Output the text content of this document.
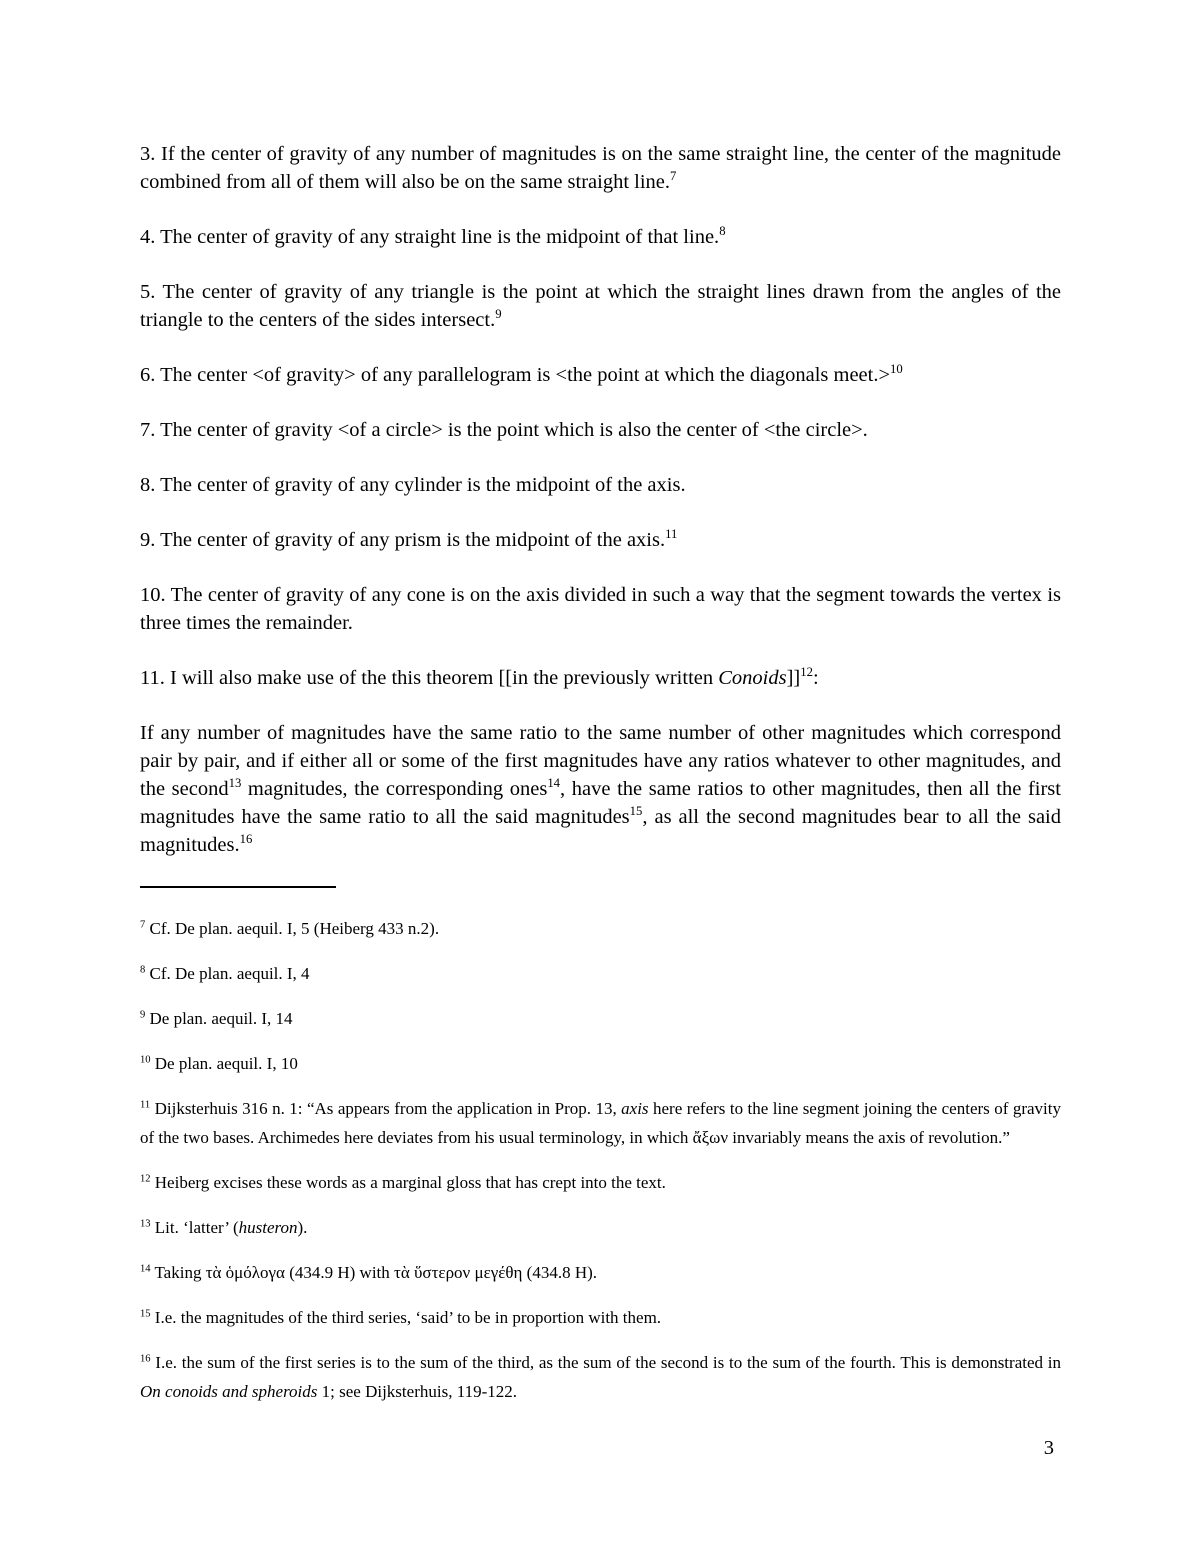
3. If the center of gravity of any number of magnitudes is on the same straight line, the center of the magnitude combined from all of them will also be on the same straight line.$^7$

4. The center of gravity of any straight line is the midpoint of that line.$^8$

5. The center of gravity of any triangle is the point at which the straight lines drawn from the angles of the triangle to the centers of the sides intersect.$^9$

6. The center <of gravity> of any parallelogram is <the point at which the diagonals meet.>$^{10}$

7. The center of gravity <of a circle> is the point which is also the center of <the circle>.

8. The center of gravity of any cylinder is the midpoint of the axis.

9. The center of gravity of any prism is the midpoint of the axis.$^{11}$

10. The center of gravity of any cone is on the axis divided in such a way that the segment towards the vertex is three times the remainder.

11. I will also make use of the this theorem [[in the previously written Conoids]]$^{12}$:

If any number of magnitudes have the same ratio to the same number of other magnitudes which correspond pair by pair, and if either all or some of the first magnitudes have any ratios whatever to other magnitudes, and the second$^{13}$ magnitudes, the corresponding ones$^{14}$, have the same ratios to other magnitudes, then all the first magnitudes have the same ratio to all the said magnitudes$^{15}$, as all the second magnitudes bear to all the said magnitudes.$^{16}$

$^7$ Cf. De plan. aequil. I, 5 (Heiberg 433 n.2).

$^8$ Cf. De plan. aequil. I, 4

$^9$ De plan. aequil. I, 14

$^{10}$ De plan. aequil. I, 10

$^{11}$ Dijksterhuis 316 n. 1: “As appears from the application in Prop. 13, axis here refers to the line segment joining the centers of gravity of the two bases. Archimedes here deviates from his usual terminology, in which ἄξων invariably means the axis of revolution.”

$^{12}$ Heiberg excises these words as a marginal gloss that has crept into the text.

$^{13}$ Lit. ‘latter’ (husteron).

$^{14}$ Taking τὰ ὁμόλογα (434.9 H) with τὰ ὕστερον μεγέθη (434.8 H).

$^{15}$ I.e. the magnitudes of the third series, ‘said’ to be in proportion with them.

$^{16}$ I.e. the sum of the first series is to the sum of the third, as the sum of the second is to the sum of the fourth. This is demonstrated in On conoids and spheroids 1; see Dijksterhuis, 119-122.

3
